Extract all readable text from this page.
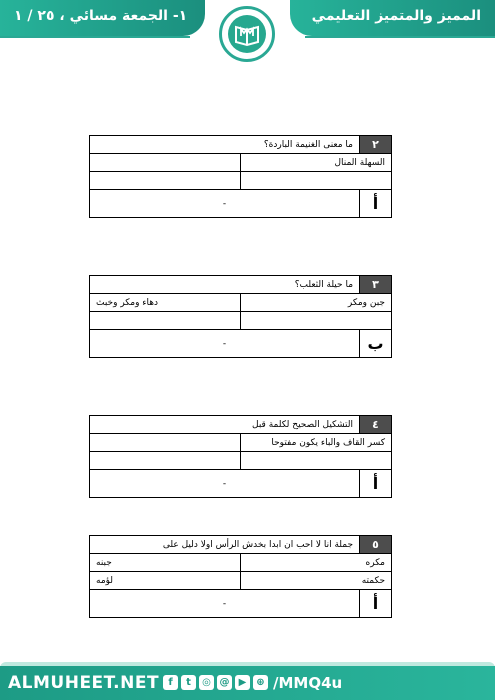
المميز والمتميز التعليمي
١- الجمعة مسائي ، ٢٥ / ١
٢	ما معنى الغنيمة الباردة؟	
السهلة المنال		

أ	-	
٣	ما حيلة الثعلب؟	
جبن ومكر		دهاء ومكر وخبث

ب	-	
٤	التشكيل الصحيح لكلمة قبل	
كسر القاف والباء يكون مفتوحا		

أ	-	
٥	جملة انا لا احب ان ابدا بخدش الرأس اولا دليل على	
مكره		جبنه
حكمته		لؤمه
أ	-	
ALMUHEET.NET f	t	◎ @ ▶ ⊕ /MMQ4u
